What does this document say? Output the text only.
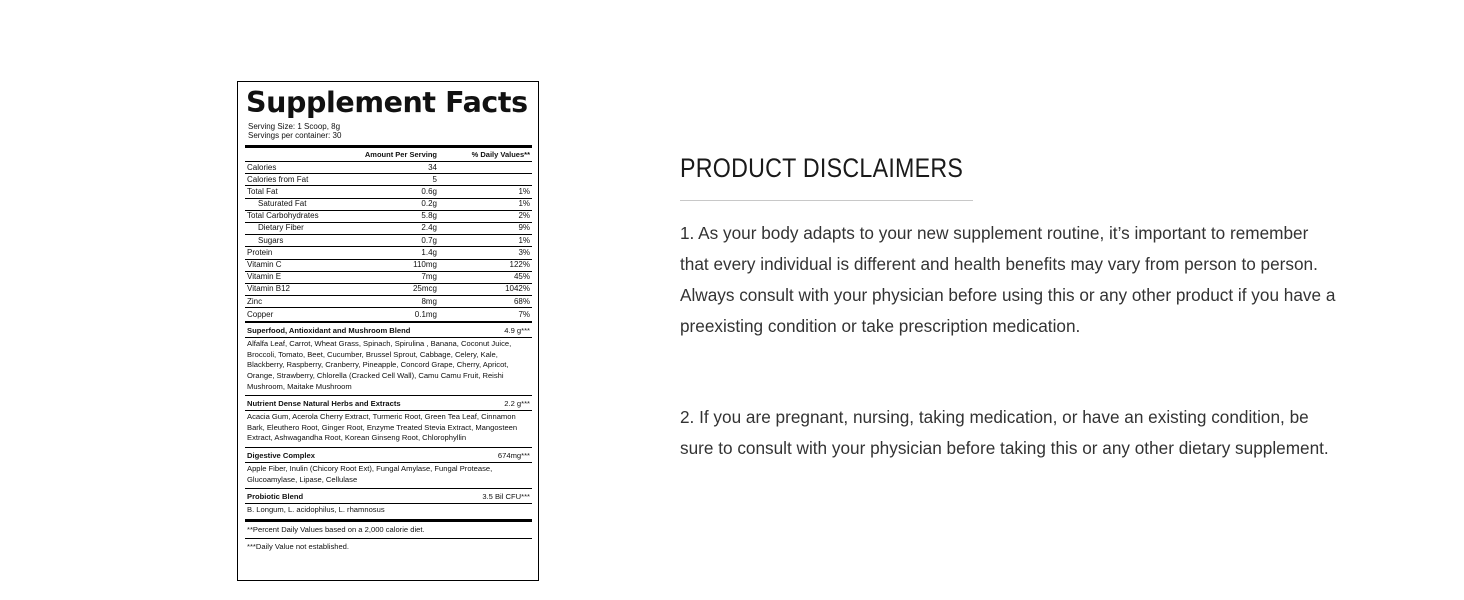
Supplement Facts
Serving Size: 1 Scoop, 8g
Servings per container: 30
Amount Per Serving	% Daily Values**
Calories	34
Calories from Fat	5
Total Fat	0.6g	1%
Saturated Fat	0.2g	1%
Total Carbohydrates	5.8g	2%
Dietary Fiber	2.4g	9%
Sugars	0.7g	1%
Protein	1.4g	3%
Vitamin C	110mg	122%
Vitamin E	7mg	45%
Vitamin B12	25mcg	1042%
Zinc	8mg	68%
Copper	0.1mg	7%
Superfood, Antioxidant and Mushroom Blend	4.9 g***
Alfalfa Leaf, Carrot, Wheat Grass, Spinach, Spirulina , Banana, Coconut Juice, Broccoli, Tomato, Beet, Cucumber, Brussel Sprout, Cabbage, Celery, Kale, Blackberry, Raspberry, Cranberry, Pineapple, Concord Grape, Cherry, Apricot, Orange, Strawberry, Chlorella (Cracked Cell Wall), Camu Camu Fruit, Reishi Mushroom, Maitake Mushroom
Nutrient Dense Natural Herbs and Extracts	2.2 g***
Acacia Gum, Acerola Cherry Extract, Turmeric Root, Green Tea Leaf, Cinnamon Bark, Eleuthero Root, Ginger Root, Enzyme Treated Stevia Extract, Mangosteen Extract, Ashwagandha Root, Korean Ginseng Root, Chlorophyllin
Digestive Complex	674mg***
Apple Fiber, Inulin (Chicory Root Ext), Fungal Amylase, Fungal Protease, Glucoamylase, Lipase, Cellulase
Probiotic Blend	3.5 Bil CFU***
B. Longum, L. acidophilus, L. rhamnosus
**Percent Daily Values based on a 2,000 calorie diet.
***Daily Value not established.
PRODUCT DISCLAIMERS

1. As your body adapts to your new supplement routine, it’s important to remember that every individual is different and health benefits may vary from person to person. Always consult with your physician before using this or any other product if you have a preexisting condition or take prescription medication.

2. If you are pregnant, nursing, taking medication, or have an existing condition, be sure to consult with your physician before taking this or any other dietary supplement.
